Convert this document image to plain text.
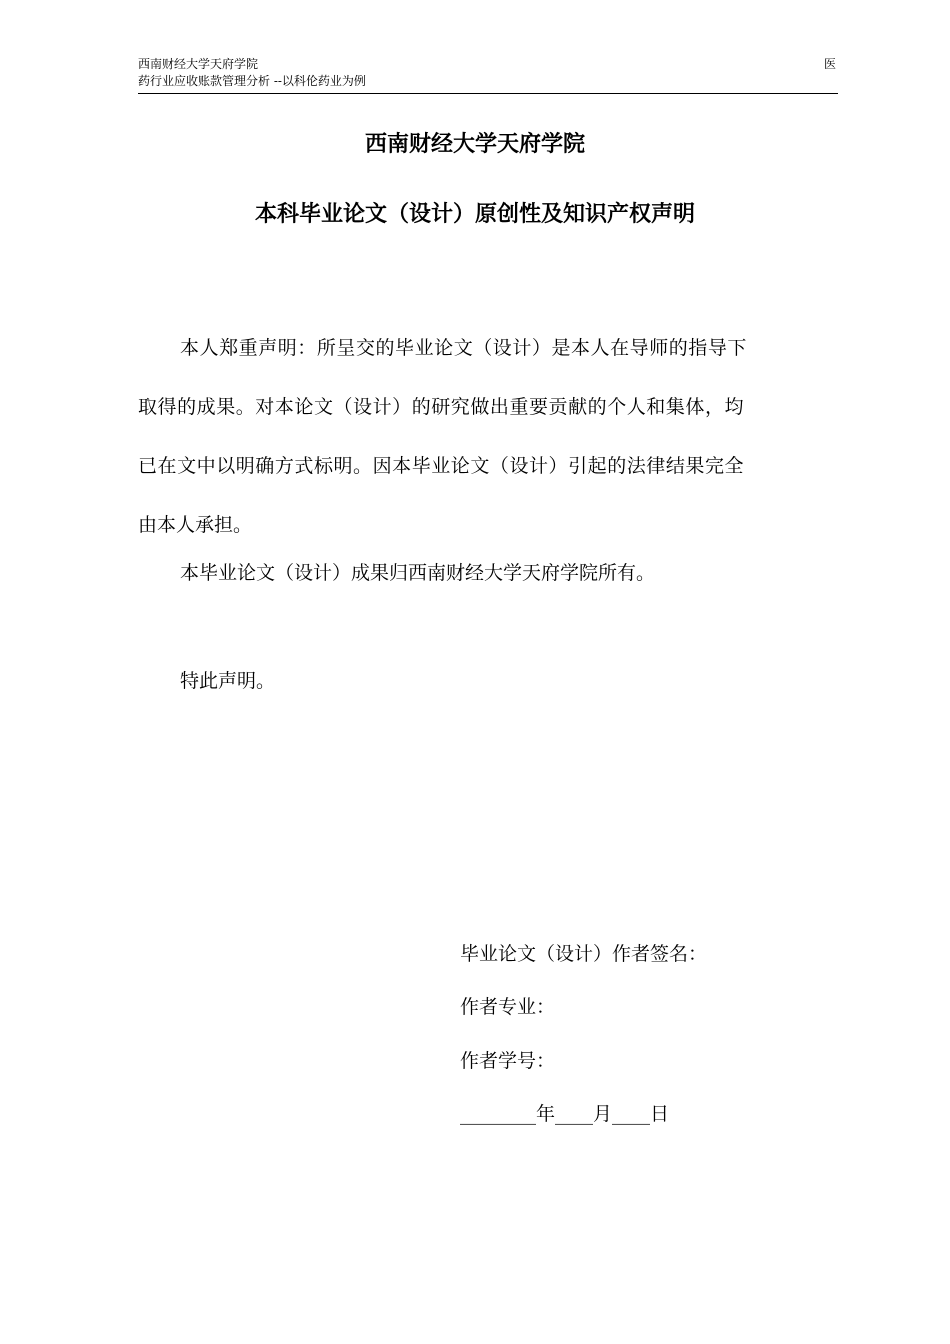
西南财经大学天府学院
药行业应收账款管理分析 --以科伦药业为例
医
西南财经大学天府学院
本科毕业论文（设计）原创性及知识产权声明
本人郑重声明：所呈交的毕业论文（设计）是本人在导师的指导下
取得的成果。对本论文（设计）的研究做出重要贡献的个人和集体，均
已在文中以明确方式标明。因本毕业论文（设计）引起的法律结果完全
由本人承担。
本毕业论文（设计）成果归西南财经大学天府学院所有。
特此声明。
毕业论文（设计）作者签名：
作者专业：
作者学号：
________年____月____日
